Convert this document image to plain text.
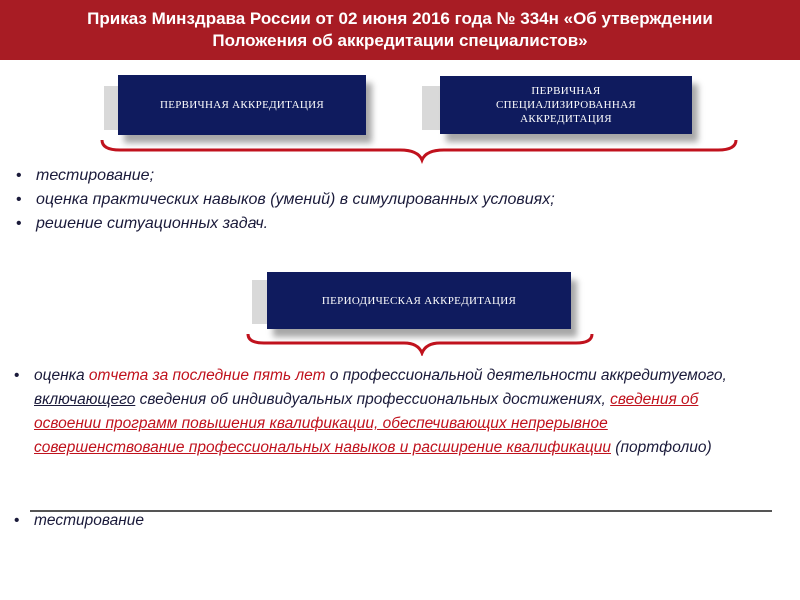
Приказ Минздрава России от 02 июня 2016 года № 334н «Об утверждении
Положения об аккредитации специалистов»
ПЕРВИЧНАЯ АККРЕДИТАЦИЯ
ПЕРВИЧНАЯ
СПЕЦИАЛИЗИРОВАННАЯ
АККРЕДИТАЦИЯ
• тестирование;
• оценка практических навыков (умений) в симулированных условиях;
• решение ситуационных задач.
ПЕРИОДИЧЕСКАЯ АККРЕДИТАЦИЯ
• оценка отчета за последние пять лет о профессиональной деятельности аккредитуемого, включающего сведения об индивидуальных профессиональных достижениях, сведения об освоении программ повышения квалификации, обеспечивающих непрерывное совершенствование профессиональных навыков и расширение квалификации (портфолио)
• тестирование
